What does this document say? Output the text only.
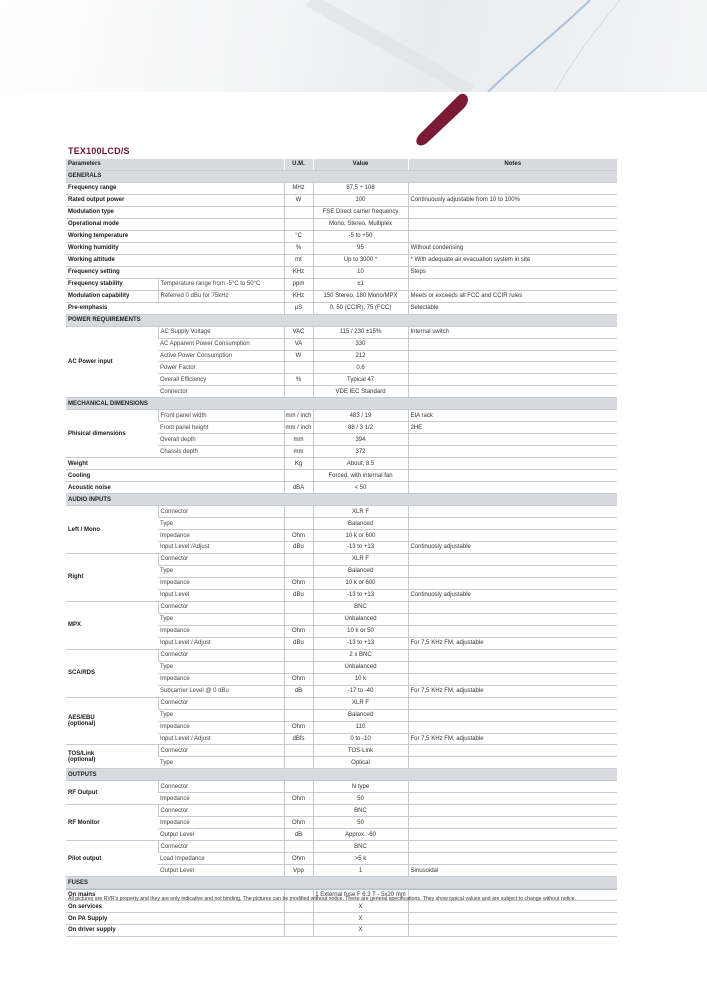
TEX100LCD/S
Parameters		U.M.	Value	Notes
GENERALS				
Frequency range		MHz	87,5 ÷ 108	
Rated output power		W	100	Continuously adjustable from 10 to 100%
Modulation type			FSE Direct carrier frequency	
Operational mode			Mono, Stereo, Multiplex	
Working temperature		°C	-5 to +50	
Working humidity		%	95	Without condensing
Working altitude		mt	Up to 3000 *	* With adequate air evacuation system in site
Frequency setting		KHz	10	Steps
Frequency stability	Temperature range from -5°C to 50°C	ppm	±1	
Modulation capability	Referred 0 dBu for 75kHz	KHz	150 Stereo, 180 Mono/MPX	Meets or exceeds all FCC and CCIR rules
Pre-emphasis		µS	0, 50 (CCIR), 75 (FCC)	Selectable
POWER REQUIREMENTS				
AC Power input	AC Supply Voltage	VAC	115 / 230 ±15%	Internal switch
	AC Apparent Power Consumption	VA	330	
	Active Power Consumption	W	212	
	Power Factor		0.6	
	Overall Efficiency	%	Typical 47	
	Connector		VDE IEC Standard	
MECHANICAL DIMENSIONS				
Phisical dimensions	Front panel width	mm / inch	483 / 19	EIA rack
	Front panel height	mm / inch	88 / 3 1/2	2HE
	Overall depth	mm	394	
	Chassis depth	mm	372	
Weight		Kg	About, 8.5	
Cooling			Forced, with internal fan	
Acoustic noise		dBA	< 50	
AUDIO INPUTS				
Left / Mono	Connector		XLR F	
	Type		Balanced	
	Impedance	Ohm	10 k or 600	
	Input Level /Adjust	dBu	-13 to +13	Continuosly adjustable
Right	Connector		XLR F	
	Type		Balanced	
	Impedance	Ohm	10 k or 600	
	Input Level	dBu	-13 to +13	Continuosly adjustable
MPX	Connector		BNC	
	Type		Unbalanced	
	Impedance	Ohm	10 k or 50	
	Input Level / Adjust	dBu	-13 to +13	For 7,5 KHz FM, adjustable
SCA/RDS	Connector		2 x BNC	
	Type		Unbalanced	
	Impedance	Ohm	10 k	
	Subcarrier Level @ 0 dBu	dB	-17 to -40	For 7,5 KHz FM, adjustable
AES/EBU
(optional)	Connector		XLR F	
	Type		Balanced	
	Impedance	Ohm	110	
	Input Level / Adjust	dBfs	0 to -10	For 7,5 KHz FM, adjustable
TOS/Link
(optional)	Connector		TOS-Link	
	Type		Optical	
OUTPUTS				
RF Output	Connector		N type	
	Impedance	Ohm	50	
RF Monitor	Connector		BNC	
	Impedance	Ohm	50	
	Output Level	dB	Approx. -60	
Pilot output	Connector		BNC	
	Load Impedance	Ohm	>5 k	
	Output Level	Vpp	1	Sinusoidal
FUSES				
On mains			1 External fuse F 6.3 T - 5x20 mm	
On services			X	
On PA Supply			X	
On driver supply			X	
All pictures are RVR's property and they are only indicative and not binding. The pictures can be modified without notice. These are general specifications. They show typical values and are subject to change without notice.
